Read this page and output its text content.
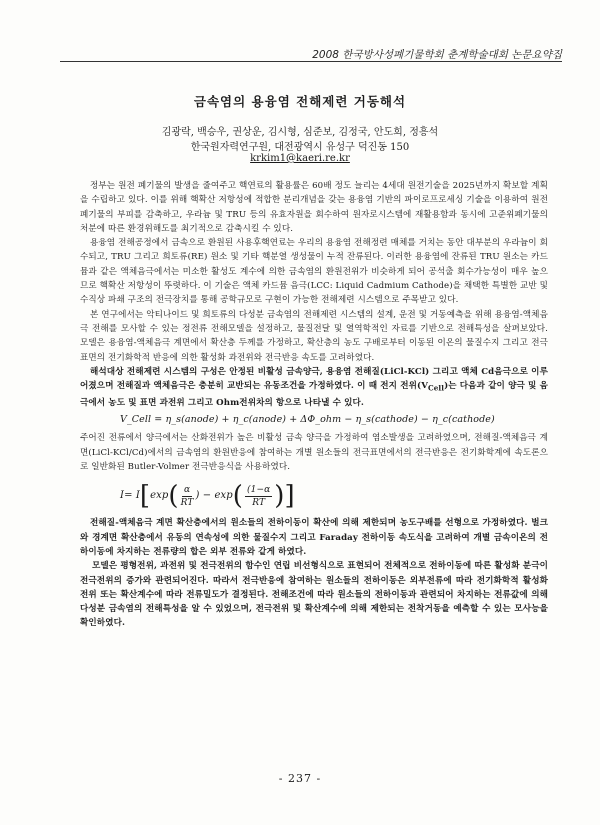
2008 한국방사성폐기물학회 춘계학술대회 논문요약집
금속염의 용융염 전해제련 거동해석
김광락, 백승우, 권상운, 김시형, 심준보, 김정국, 안도희, 정흥석
한국원자력연구원, 대전광역시 유성구 덕진동 150
krkim1@kaeri.re.kr

정부는 원전 폐기물의 발생을 줄여주고 핵연료의 활용률은 60배 정도 늘리는 4세대 원전기술을 2025년까지 확보할 계획을 수립하고 있다. 이를 위해 핵확산 저항성에 적합한 분리개념을 갖는 용융염 기반의 파이로프로세싱 기술을 이용하여 원전 폐기물의 부피를 감축하고, 우라늄 및 TRU 등의 유효자원을 회수하여 원자로시스템에 재활용함과 동시에 고준위폐기물의 처분에 따른 환경위해도를 최기적으로 감축시킬 수 있다.

용융염 전해공정에서 금속으로 환원된 사용후핵연료는 우리의 용융염 전해정련 매체를 거치는 동안 대부분의 우라늄이 회수되고, TRU 그리고 희토류(RE) 원소 및 기타 핵분열 생성물이 누적 잔류된다. 이러한 용융염에 잔류된 TRU 원소는 카드뮴과 같은 액체음극에서는 미소한 활성도 계수에 의한 금속염의 환원전위가 비슷하게 되어 공석출 회수가능성이 매우 높으므로 핵확산 저항성이 뚜렷하다. 이 기술은 액체 카드뮴 음극(LCC: Liquid Cadmium Cathode)을 채택한 특별한 교반 및 수직상 파쇄 구조의 전극장치를 통해 공학규모로 구현이 가능한 전해제련 시스템으로 주목받고 있다.

본 연구에서는 악티나이드 및 희토류의 다성분 금속염의 전해제련 시스템의 설계, 운전 및 거동예측을 위해 용융염-액체음극 전해를 모사할 수 있는 정전류 전해모델을 설정하고, 물질전달 및 열역학적인 자료를 기반으로 전해특성을 살펴보았다. 모델은 용융염-액체음극 계면에서 확산층 두께를 가정하고, 확산층의 농도 구배로부터 이동된 이온의 물질수지 그리고 전극표면의 전기화학적 반응에 의한 활성화 과전위와 전극반응 속도를 고려하였다.

해석대상 전해제련 시스템의 구성은 안정된 비활성 금속양극, 용융염 전해질(LiCl-KCl) 그리고 액체 Cd음극으로 이루어졌으며 전해질과 액체음극은 충분히 교반되는 유동조건을 가정하였다. 이 때 전지 전위$(V_{Cell})$는 다음과 같이 양극 및 음극에서 농도 및 표면 과전위 그리고 Ohm전위차의 항으로 나타낼 수 있다.

V_Cell = η_s(anode) + η_c(anode) + ΔΦ_ohm − η_s(cathode) − η_c(cathode)

주어진 전류에서 양극에서는 산화전위가 높은 비활성 금속 양극을 가정하여 염소발생을 고려하였으며, 전해질-액체음극 계면(LiCl-KCl/Cd)에서의 금속염의 환원반응에 참여하는 개별 원소들의 전극표면에서의 전극반응은 전기화학계에 속도론으로 일반화된 Butler-Volmer 전극반응식을 사용하였다.

I = I [ exp ( $\frac{\alpha}{RT}$ ) − exp ( $\frac{(1-\alpha}{RT}$ )]

전해질-액체음극 계면 확산층에서의 원소들의 전하이동이 확산에 의해 제한되며 농도구배를 선형으로 가정하였다. 벌크와 경계면 확산층에서 유동의 연속성에 의한 물질수지 그리고 Faraday 전하이동 속도식을 고려하여 개별 금속이온의 전하이동에 차지하는 전류량의 합은 외부 전류와 같게 하였다.

모델은 평형전위, 과전위 및 전극전위의 함수인 연립 비선형식으로 표현되어 전체적으로 전하이동에 따른 활성화 분극이 전극전위의 증가와 관련되어진다. 따라서 전극반응에 참여하는 원소들의 전하이동은 외부전류에 따라 전기화학적 활성화 전위 또는 확산계수에 따라 전류밀도가 결정된다. 전해조건에 따라 원소들의 전하이동과 관련되어 차지하는 전류값에 의해 다성분 금속염의 전해특성을 알 수 있었으며, 전극전위 및 확산계수에 의해 제한되는 전착거동을 예측할 수 있는 모사능을 확인하였다.

- 237 -
